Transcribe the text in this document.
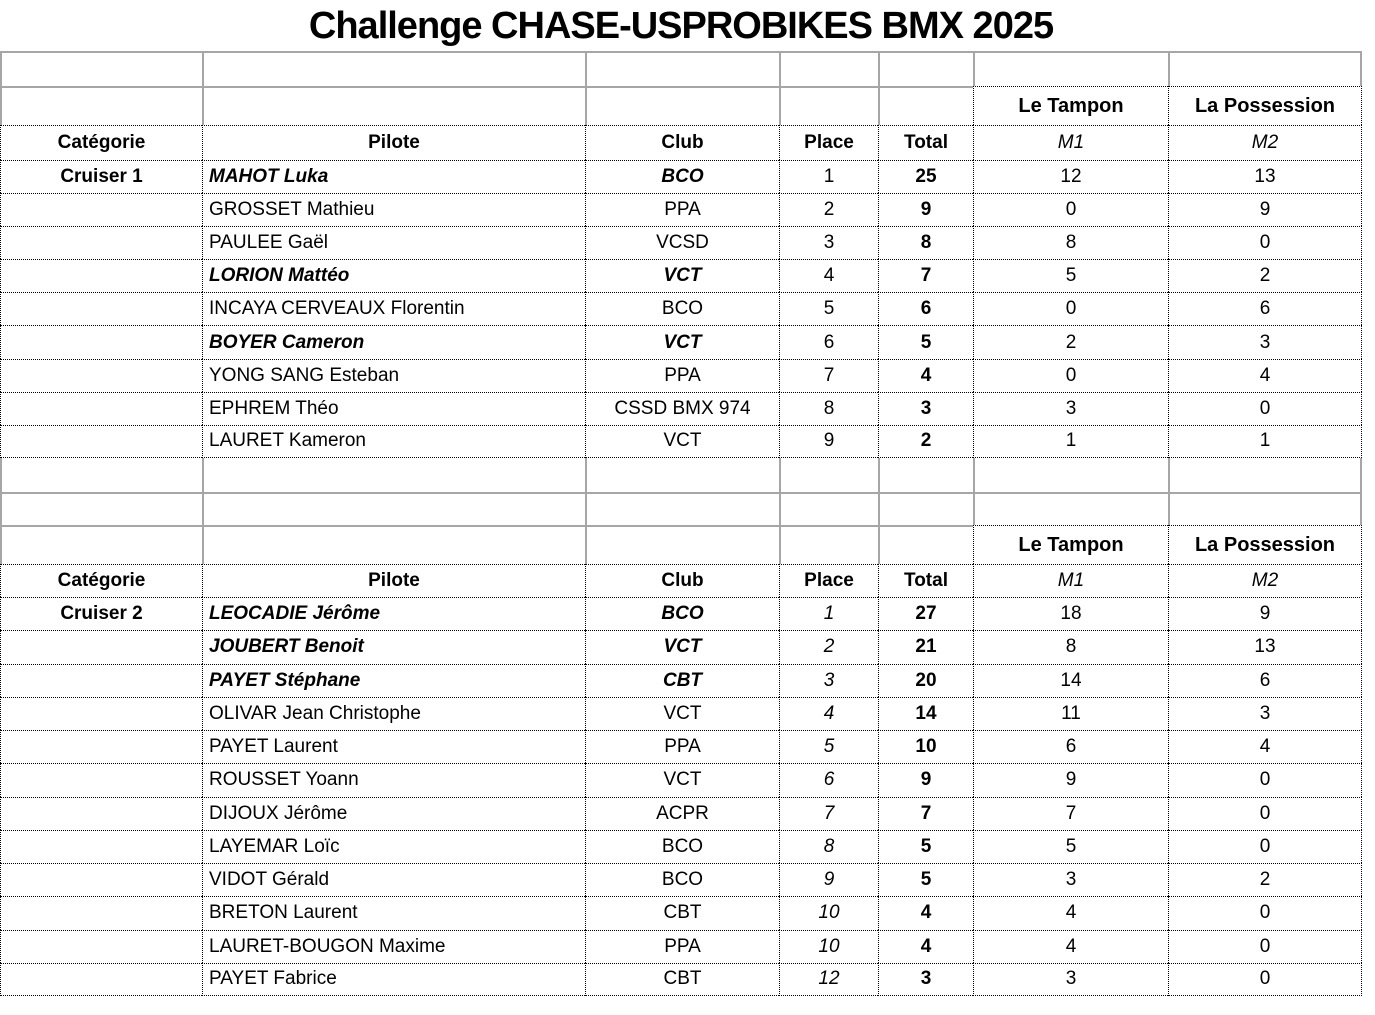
Challenge CHASE-USPROBIKES BMX 2025

					Le Tampon	La Possession
Catégorie	Pilote	Club	Place	Total	M1	M2
Cruiser 1	MAHOT Luka	BCO	1	25	12	13
	GROSSET Mathieu	PPA	2	9	0	9
	PAULEE Gaël	VCSD	3	8	8	0
	LORION Mattéo	VCT	4	7	5	2
	INCAYA CERVEAUX Florentin	BCO	5	6	0	6
	BOYER Cameron	VCT	6	5	2	3
	YONG SANG Esteban	PPA	7	4	0	4
	EPHREM Théo	CSSD BMX 974	8	3	3	0
	LAURET Kameron	VCT	9	2	1	1

					Le Tampon	La Possession
Catégorie	Pilote	Club	Place	Total	M1	M2
Cruiser 2	LEOCADIE Jérôme	BCO	1	27	18	9
	JOUBERT Benoit	VCT	2	21	8	13
	PAYET Stéphane	CBT	3	20	14	6
	OLIVAR Jean Christophe	VCT	4	14	11	3
	PAYET Laurent	PPA	5	10	6	4
	ROUSSET Yoann	VCT	6	9	9	0
	DIJOUX Jérôme	ACPR	7	7	7	0
	LAYEMAR Loïc	BCO	8	5	5	0
	VIDOT Gérald	BCO	9	5	3	2
	BRETON Laurent	CBT	10	4	4	0
	LAURET-BOUGON Maxime	PPA	10	4	4	0
	PAYET Fabrice	CBT	12	3	3	0
